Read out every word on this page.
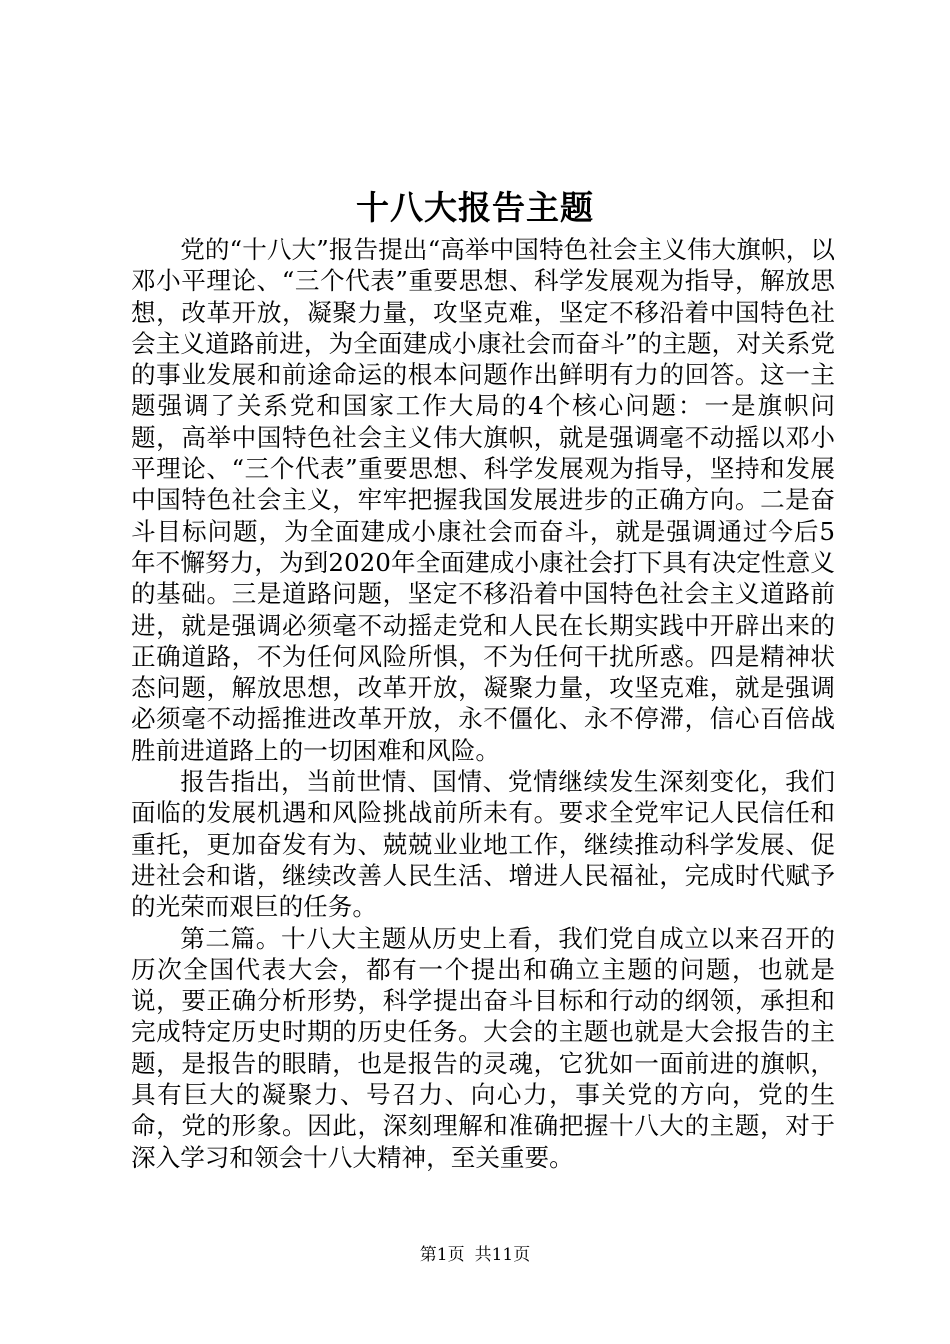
十八大报告主题

党的“十八大”报告提出“高举中国特色社会主义伟大旗帜，以邓小平理论、“三个代表”重要思想、科学发展观为指导，解放思想，改革开放，凝聚力量，攻坚克难，坚定不移沿着中国特色社会主义道路前进，为全面建成小康社会而奋斗”的主题，对关系党的事业发展和前途命运的根本问题作出鲜明有力的回答。这一主题强调了关系党和国家工作大局的4个核心问题：一是旗帜问题，高举中国特色社会主义伟大旗帜，就是强调毫不动摇以邓小平理论、“三个代表”重要思想、科学发展观为指导，坚持和发展中国特色社会主义，牢牢把握我国发展进步的正确方向。二是奋斗目标问题，为全面建成小康社会而奋斗，就是强调通过今后5年不懈努力，为到2020年全面建成小康社会打下具有决定性意义的基础。三是道路问题，坚定不移沿着中国特色社会主义道路前进，就是强调必须毫不动摇走党和人民在长期实践中开辟出来的正确道路，不为任何风险所惧，不为任何干扰所惑。四是精神状态问题，解放思想，改革开放，凝聚力量，攻坚克难，就是强调必须毫不动摇推进改革开放，永不僵化、永不停滞，信心百倍战胜前进道路上的一切困难和风险。

报告指出，当前世情、国情、党情继续发生深刻变化，我们面临的发展机遇和风险挑战前所未有。要求全党牢记人民信任和重托，更加奋发有为、兢兢业业地工作，继续推动科学发展、促进社会和谐，继续改善人民生活、增进人民福祉，完成时代赋予的光荣而艰巨的任务。

第二篇。十八大主题从历史上看，我们党自成立以来召开的历次全国代表大会，都有一个提出和确立主题的问题，也就是说，要正确分析形势，科学提出奋斗目标和行动的纲领，承担和完成特定历史时期的历史任务。大会的主题也就是大会报告的主题，是报告的眼睛，也是报告的灵魂，它犹如一面前进的旗帜，具有巨大的凝聚力、号召力、向心力，事关党的方向，党的生命，党的形象。因此，深刻理解和准确把握十八大的主题，对于深入学习和领会十八大精神，至关重要。

第1页 共11页
